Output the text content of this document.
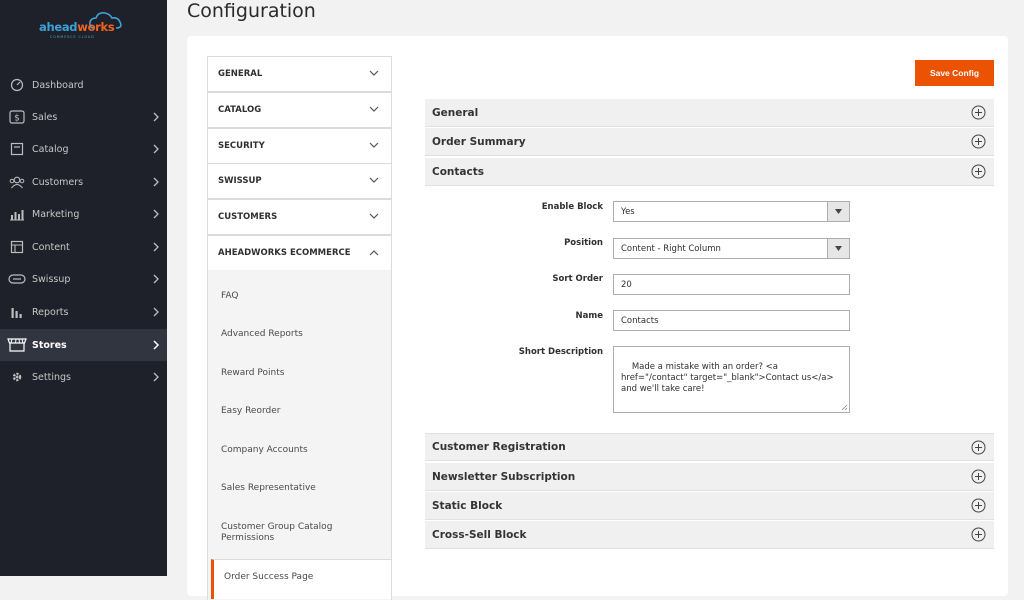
aheadworks
COMMERCE CLOUD
Dashboard
$ Sales
Catalog
Customers
Marketing
Content
Swissup
Reports
Stores
Settings
Configuration
GENERAL
CATALOG
SECURITY
SWISSUP
CUSTOMERS
AHEADWORKS ECOMMERCE
FAQ
Advanced Reports
Reward Points
Easy Reorder
Company Accounts
Sales Representative
Customer Group Catalog Permissions
Order Success Page
Save Config
General
Order Summary
Contacts
Enable Block Yes
Position
Content - Right Column
Sort Order
20
Name	Contacts
Short Description

Made a mistake with an order? <a
href="/contact" target="_blank">Contact us</a>
and we'll take care!

Customer Registration
Newsletter Subscription
Static Block
Cross-Sell Block
